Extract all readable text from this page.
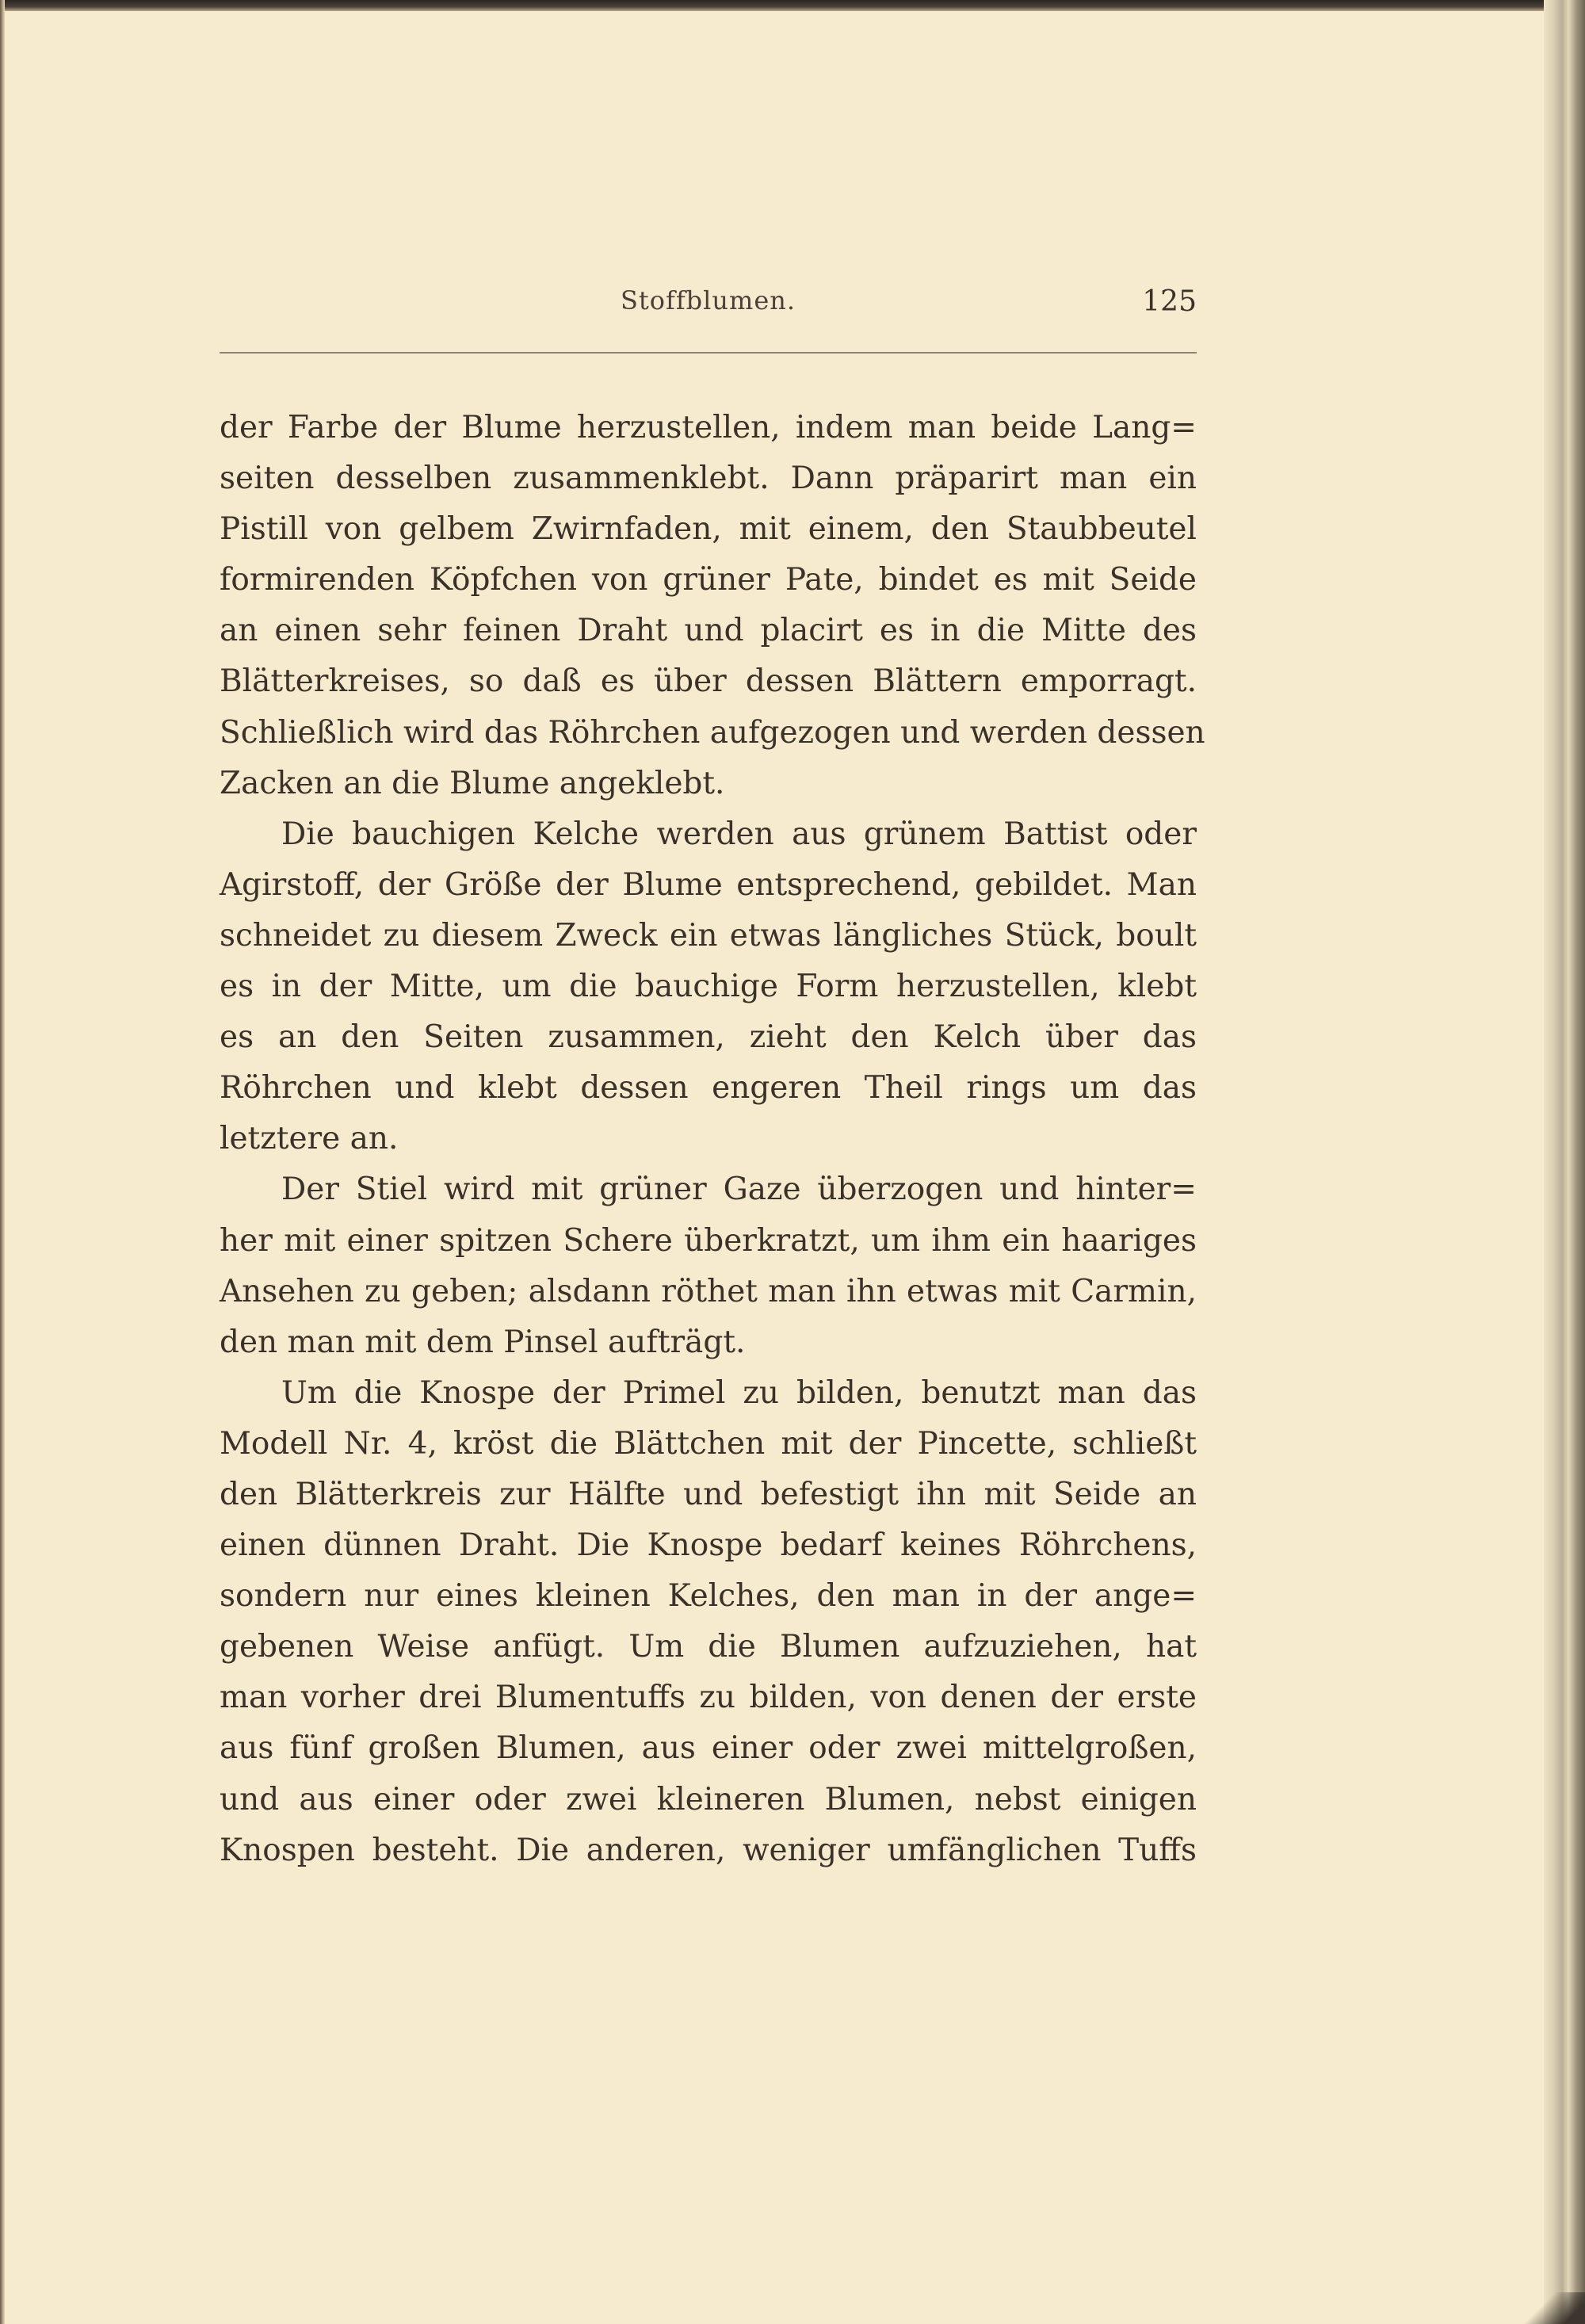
Stoffblumen.	125
der Farbe der Blume herzustellen, indem man beide Lang=
seiten desselben zusammenklebt. Dann präparirt man ein
Pistill von gelbem Zwirnfaden, mit einem, den Staubbeutel
formirenden Köpfchen von grüner Pate, bindet es mit Seide
an einen sehr feinen Draht und placirt es in die Mitte des
Blätterkreises, so daß es über dessen Blättern emporragt.
Schließlich wird das Röhrchen aufgezogen und werden dessen
Zacken an die Blume angeklebt.
Die bauchigen Kelche werden aus grünem Battist oder
Agirstoff, der Größe der Blume entsprechend, gebildet. Man
schneidet zu diesem Zweck ein etwas längliches Stück, boult
es in der Mitte, um die bauchige Form herzustellen, klebt
es an den Seiten zusammen, zieht den Kelch über das
Röhrchen und klebt dessen engeren Theil rings um das
letztere an.
Der Stiel wird mit grüner Gaze überzogen und hinter=
her mit einer spitzen Schere überkratzt, um ihm ein haariges
Ansehen zu geben; alsdann röthet man ihn etwas mit Carmin,
den man mit dem Pinsel aufträgt.
Um die Knospe der Primel zu bilden, benutzt man das
Modell Nr. 4, kröst die Blättchen mit der Pincette, schließt
den Blätterkreis zur Hälfte und befestigt ihn mit Seide an
einen dünnen Draht. Die Knospe bedarf keines Röhrchens,
sondern nur eines kleinen Kelches, den man in der ange=
gebenen Weise anfügt. Um die Blumen aufzuziehen, hat
man vorher drei Blumentuffs zu bilden, von denen der erste
aus fünf großen Blumen, aus einer oder zwei mittelgroßen,
und aus einer oder zwei kleineren Blumen, nebst einigen
Knospen besteht. Die anderen, weniger umfänglichen Tuffs
